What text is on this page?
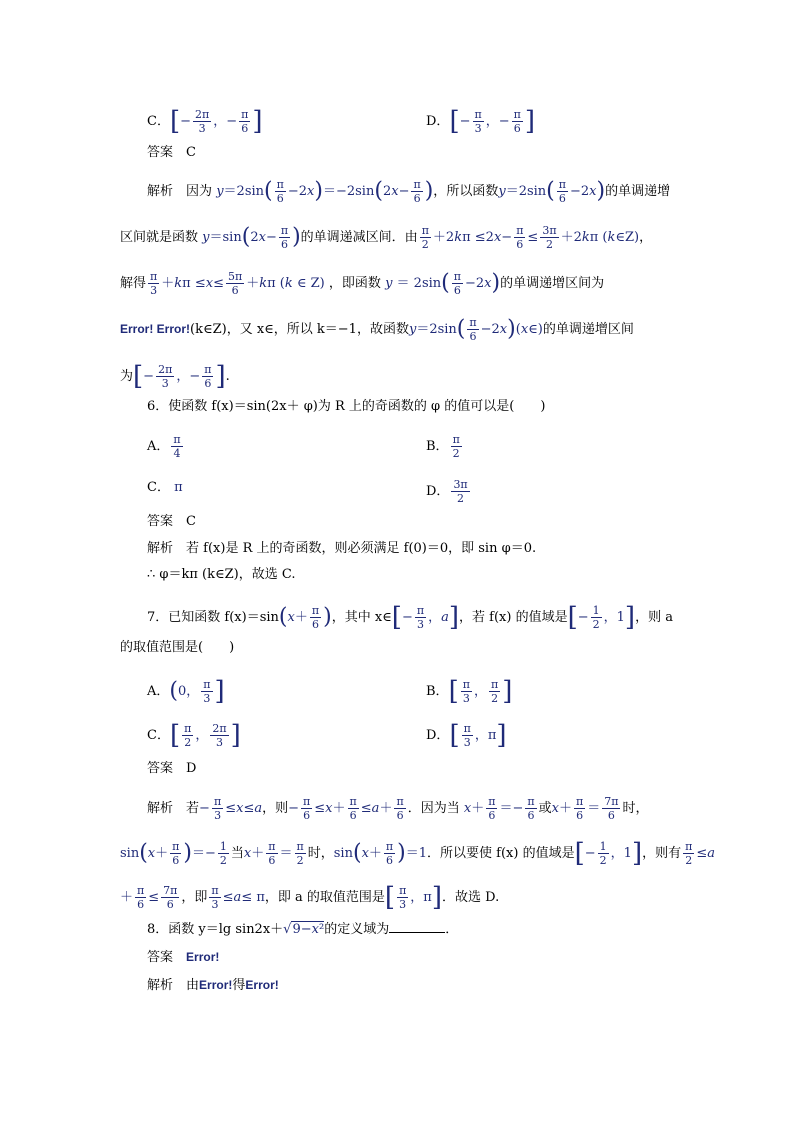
C．[− $\frac{2\pi}{3}$ ，− $\frac{\pi}{6}$ ]	D．[− $\frac{\pi}{3}$ ，− $\frac{\pi}{6}$ ]
答案　 C
解析　 因为 $y=2\sin( \frac{\pi}{6} -2x)=-2\sin(2x- \frac{\pi}{6}$ )，所以函数$y=2\sin( \frac{\pi}{6} -2x)$的单调递增
区间就是函数 $y=\sin(2x- \frac{\pi}{6}$ )的单调递减区间．由 $\frac{\pi}{2} +2k\pi \le 2x- \frac{\pi}{6} \le \frac{3\pi}{2} +2k\pi$ (k∈Z)，
解得 $\frac{\pi}{3} +k\pi \le x\le \frac{5\pi}{6} +k\pi$ (k ∈ Z) ，即函数 $y = 2\sin( \frac{\pi}{6} -2x)$的单调递增区间为
Error! Error!(k∈Z)，又 x∈，所以 k＝−1，故函数$y=2\sin( \frac{\pi}{6}$ −2x)(x∈)的单调递增区间
为[− $\frac{2\pi}{3}$ ，− $\frac{\pi}{6}$ ].
6．使函数 f(x)＝sin(2x＋ φ)为 R 上的奇函数的 φ 的值可以是(　　)
A． $\frac{\pi}{4}$	B． $\frac{\pi}{2}$
C． π	D． $\frac{3\pi}{2}$
答案　 C
解析　 若 f(x)是 R 上的奇函数，则必须满足 f(0)＝0，即 sin φ＝0.
∴ φ＝kπ (k∈Z)，故选 C.
7．已知函数 $f(x)=\sin(x+ \frac{\pi}{6}$ )，其中 x∈[− $\frac{\pi}{3}$ ，a]，若 f(x) 的值域是[− $\frac{1}{2}$ ，1]，则 a
的取值范围是(　　)
A．(0， $\frac{\pi}{3}$ ]	B．[ $\frac{\pi}{3}$ ， $\frac{\pi}{2}$ ]
C．[ $\frac{\pi}{2}$ ， $\frac{2\pi}{3}$ ]	D．[ $\frac{\pi}{3}$ ，π]
答案　 D
解析　 若− $\frac{\pi}{3} \le x\le a$，则− $\frac{\pi}{6} \le x+ \frac{\pi}{6} \le a+ \frac{\pi}{6}$ ．因为当 $x+ \frac{\pi}{6} =- \frac{\pi}{6}$ 或$x+ \frac{\pi}{6} = \frac{7\pi}{6}$ 时，
$\sin(x+ \frac{\pi}{6}$ )＝− $\frac{1}{2}$ 当$x+ \frac{\pi}{6} = \frac{\pi}{2}$ 时，$\sin(x+ \frac{\pi}{6} )=1$．所以要使 f(x) 的值域是[− $\frac{1}{2}$ ，1]，则有 $\frac{\pi}{2} \le a$
＋ $\frac{\pi}{6} \le \frac{7\pi}{6}$ ，即 $\frac{\pi}{3} \le a\le \pi$，即 a 的取值范围是[ $\frac{\pi}{3}$ ，π]．故选 D.
8．函数 y＝lg sin2x＋√9−x²的定义域为	．
答案　 Error!
解析　 由Error!得Error!
